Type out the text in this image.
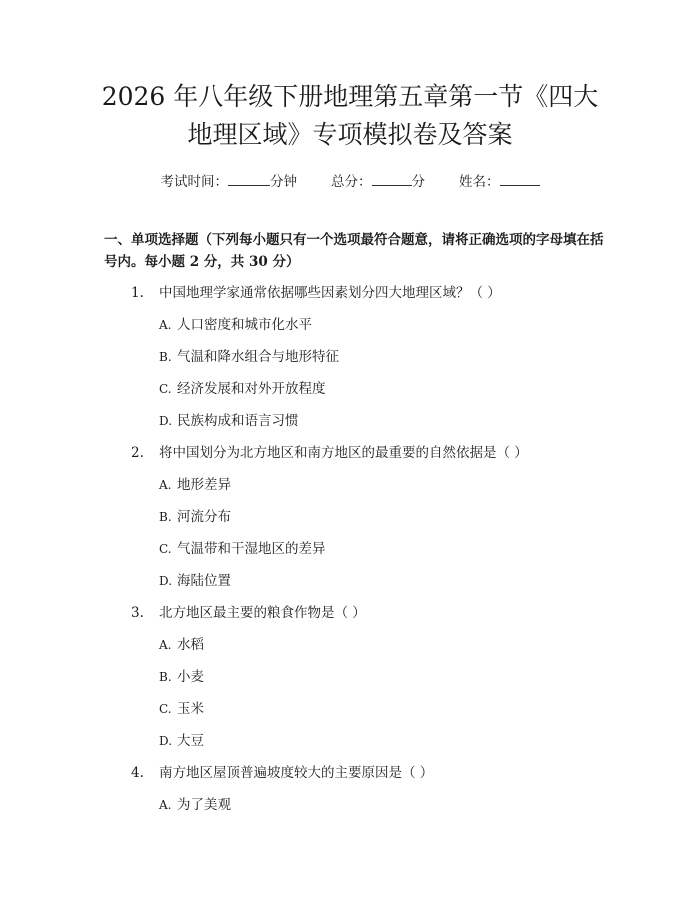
2026 年八年级下册地理第五章第一节《四大
地理区域》专项模拟卷及答案
考试时间：	分钟	总分：	分	姓名：
一、单项选择题（下列每小题只有一个选项最符合题意，请将正确选项的字母填在括号内。每小题 2 分，共 30 分）
1. 中国地理学家通常依据哪些因素划分四大地理区域？（ ）
A. 人口密度和城市化水平
B. 气温和降水组合与地形特征
C. 经济发展和对外开放程度
D. 民族构成和语言习惯
2. 将中国划分为北方地区和南方地区的最重要的自然依据是（ ）
A. 地形差异
B. 河流分布
C. 气温带和干湿地区的差异
D. 海陆位置
3. 北方地区最主要的粮食作物是（ ）
A. 水稻
B. 小麦
C. 玉米
D. 大豆
4. 南方地区屋顶普遍坡度较大的主要原因是（ ）
A. 为了美观
